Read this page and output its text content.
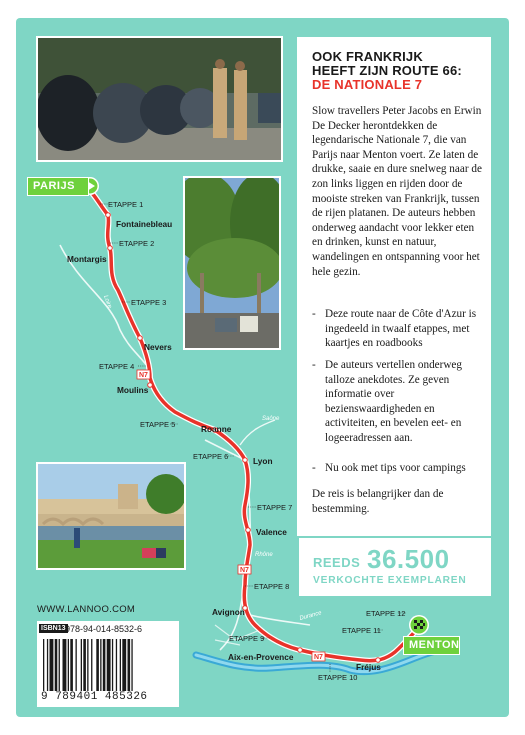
Loire
Rhône
Durance
Saône
N7
N7
N7
Fontainebleau
Montargis
Nevers
Moulins
Roanne
Lyon
Valence
Avignon
Aix-en-Provence
Fréjus
ETAPPE 1
ETAPPE 2
ETAPPE 3
ETAPPE 4
ETAPPE 5
ETAPPE 6
ETAPPE 7
ETAPPE 8
ETAPPE 9
ETAPPE 10
ETAPPE 11
ETAPPE 12
PARIJS
MENTON
OOK FRANKRIJK
HEEFT ZIJN ROUTE 66:
DE NATIONALE 7
Slow travellers Peter Jacobs en Erwin De Decker herontdekken de legendarische Nationale 7, die van Parijs naar Menton voert. Ze laten de drukke, saaie en dure snelweg naar de zon links liggen en rijden door de mooiste streken van Frankrijk, tussen de rijen platanen. De auteurs hebben onderweg aandacht voor lekker eten en drinken, kunst en natuur, wandelingen en ontspanning voor het hele gezin.
- Deze route naar de Côte d'Azur is ingedeeld in twaalf etappes, met kaartjes en roadbooks
- De auteurs vertellen onderweg talloze anekdotes. Ze geven informatie over bezienswaardigheden en activiteiten, en bevelen eet- en logeeradressen aan.
- Nu ook met tips voor campings
De reis is belangrijker dan de bestemming.
REEDS 36.500
VERKOCHTE EXEMPLAREN
WWW.LANNOO.COM
ISBN13 978-94-014-8532-6
9 789401 485326
